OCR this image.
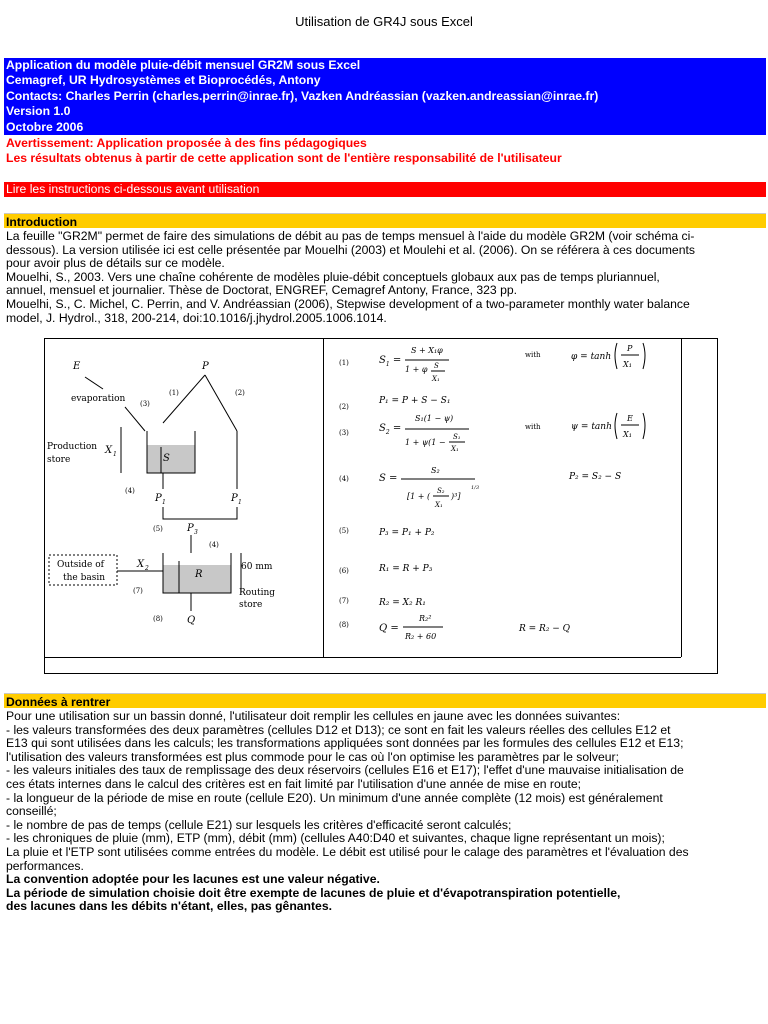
Utilisation de GR4J sous Excel
Application du modèle pluie-débit mensuel GR2M sous Excel
Cemagref, UR Hydrosystèmes et Bioprocédés, Antony
Contacts: Charles Perrin (charles.perrin@inrae.fr), Vazken Andréassian (vazken.andreassian@inrae.fr)
Version 1.0
Octobre 2006
Avertissement: Application proposée à des fins pédagogiques
Les résultats obtenus à partir de cette application sont de l'entière responsabilité de l'utilisateur
Lire les instructions ci-dessous avant utilisation
Introduction
La feuille "GR2M" permet de faire des simulations de débit au pas de temps mensuel à l'aide du modèle GR2M (voir schéma ci-
dessous). La version utilisée ici est celle présentée par Mouelhi (2003) et Moulehi et al. (2006). On se référera à ces documents
pour avoir plus de détails sur ce modèle.
Mouelhi, S., 2003. Vers une chaîne cohérente de modèles pluie-débit conceptuels globaux aux pas de temps pluriannuel,
annuel, mensuel et journalier. Thèse de Doctorat, ENGREF, Cemagref Antony, France, 323 pp.
Mouelhi, S., C. Michel, C. Perrin, and V. Andréassian (2006), Stepwise development of a two-parameter monthly water balance
model, J. Hydrol., 318, 200-214, doi:10.1016/j.jhydrol.2005.1006.1014.
E
evaporation (3)
P
(1)	(2)
Production
store
X 1	S
(4)
P 1	P 1
(5) P 3
(4)
Outside of
the basin
X 2
(7)
R
60 mm
Routing
store
(8) Q
(1)	$S_1$ =
S + X₁φ
1 + φ S
X₁
with	φ = tanh
P
X₁
(2)
P₁ = P + S − S₁
(3)	$S_2$ =
S₁(1 − ψ)
1 + ψ(1 −
S₁
X₁
with	ψ = tanh
E
X₁
(4)	S =
S₂
[1 + (
S₂
X₁
)³]
1/3
P₂ = S₂ − S
(5)	P₃ = P₁ + P₂
(6)	R₁ = R + P₃
(7)	R₂ = X₂ R₁
(8)	Q =
R₂²
R₂ + 60
R = R₂ − Q
Données à rentrer
Pour une utilisation sur un bassin donné, l'utilisateur doit remplir les cellules en jaune avec les données suivantes:
- les valeurs transformées des deux paramètres (cellules D12 et D13); ce sont en fait les valeurs réelles des cellules E12 et
E13 qui sont utilisées dans les calculs; les transformations appliquées sont données par les formules des cellules E12 et E13;
l'utilisation des valeurs transformées est plus commode pour le cas où l'on optimise les paramètres par le solveur;
- les valeurs initiales des taux de remplissage des deux réservoirs (cellules E16 et E17); l'effet d'une mauvaise initialisation de
ces états internes dans le calcul des critères est en fait limité par l'utilisation d'une année de mise en route;
- la longueur de la période de mise en route (cellule E20). Un minimum d'une année complète (12 mois) est généralement
conseillé;
- le nombre de pas de temps (cellule E21) sur lesquels les critères d'efficacité seront calculés;
- les chroniques de pluie (mm), ETP (mm), débit (mm) (cellules A40:D40 et suivantes, chaque ligne représentant un mois);
La pluie et l'ETP sont utilisées comme entrées du modèle. Le débit est utilisé pour le calage des paramètres et l'évaluation des
performances.
La convention adoptée pour les lacunes est une valeur négative.
La période de simulation choisie doit être exempte de lacunes de pluie et d'évapotranspiration potentielle,
des lacunes dans les débits n'étant, elles, pas gênantes.
